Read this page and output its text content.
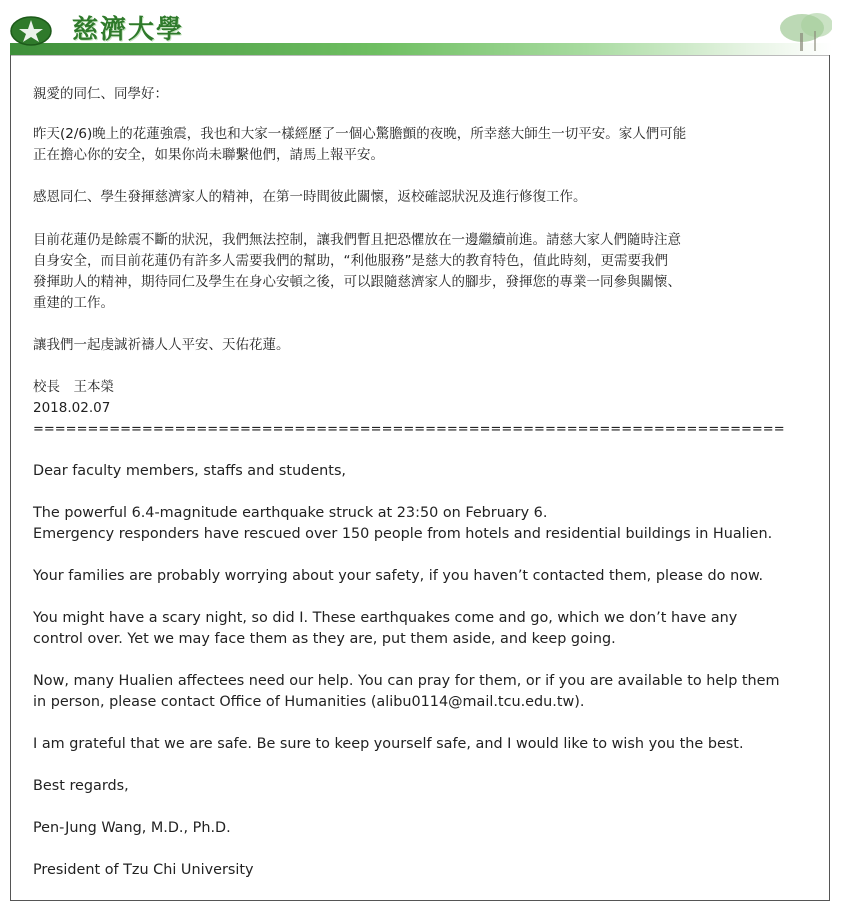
慈濟大學
親愛的同仁、同學好：
昨天(2/6)晚上的花蓮強震，我也和大家一樣經歷了一個心驚膽顫的夜晚，所幸慈大師生一切平安。家人們可能
正在擔心你的安全，如果你尚未聯繫他們，請馬上報平安。
感恩同仁、學生發揮慈濟家人的精神，在第一時間彼此關懷，返校確認狀況及進行修復工作。
目前花蓮仍是餘震不斷的狀況，我們無法控制，讓我們暫且把恐懼放在一邊繼續前進。請慈大家人們隨時注意
自身安全，而目前花蓮仍有許多人需要我們的幫助，“利他服務”是慈大的教育特色，值此時刻，更需要我們
發揮助人的精神，期待同仁及學生在身心安頓之後，可以跟隨慈濟家人的腳步，發揮您的專業一同參與關懷、
重建的工作。
讓我們一起虔誠祈禱人人平安、天佑花蓮。
校長　王本榮
2018.02.07
=====================================================================
Dear faculty members, staffs and students,
The powerful 6.4-magnitude earthquake struck at 23:50 on February 6.
Emergency responders have rescued over 150 people from hotels and residential buildings in Hualien.
Your families are probably worrying about your safety, if you haven’t contacted them, please do now.
You might have a scary night, so did I. These earthquakes come and go, which we don’t have any
control over. Yet we may face them as they are, put them aside, and keep going.
Now, many Hualien affectees need our help. You can pray for them, or if you are available to help them
in person, please contact Office of Humanities (alibu0114@mail.tcu.edu.tw).
I am grateful that we are safe. Be sure to keep yourself safe, and I would like to wish you the best.
Best regards,
Pen-Jung Wang, M.D., Ph.D.
President of Tzu Chi University
